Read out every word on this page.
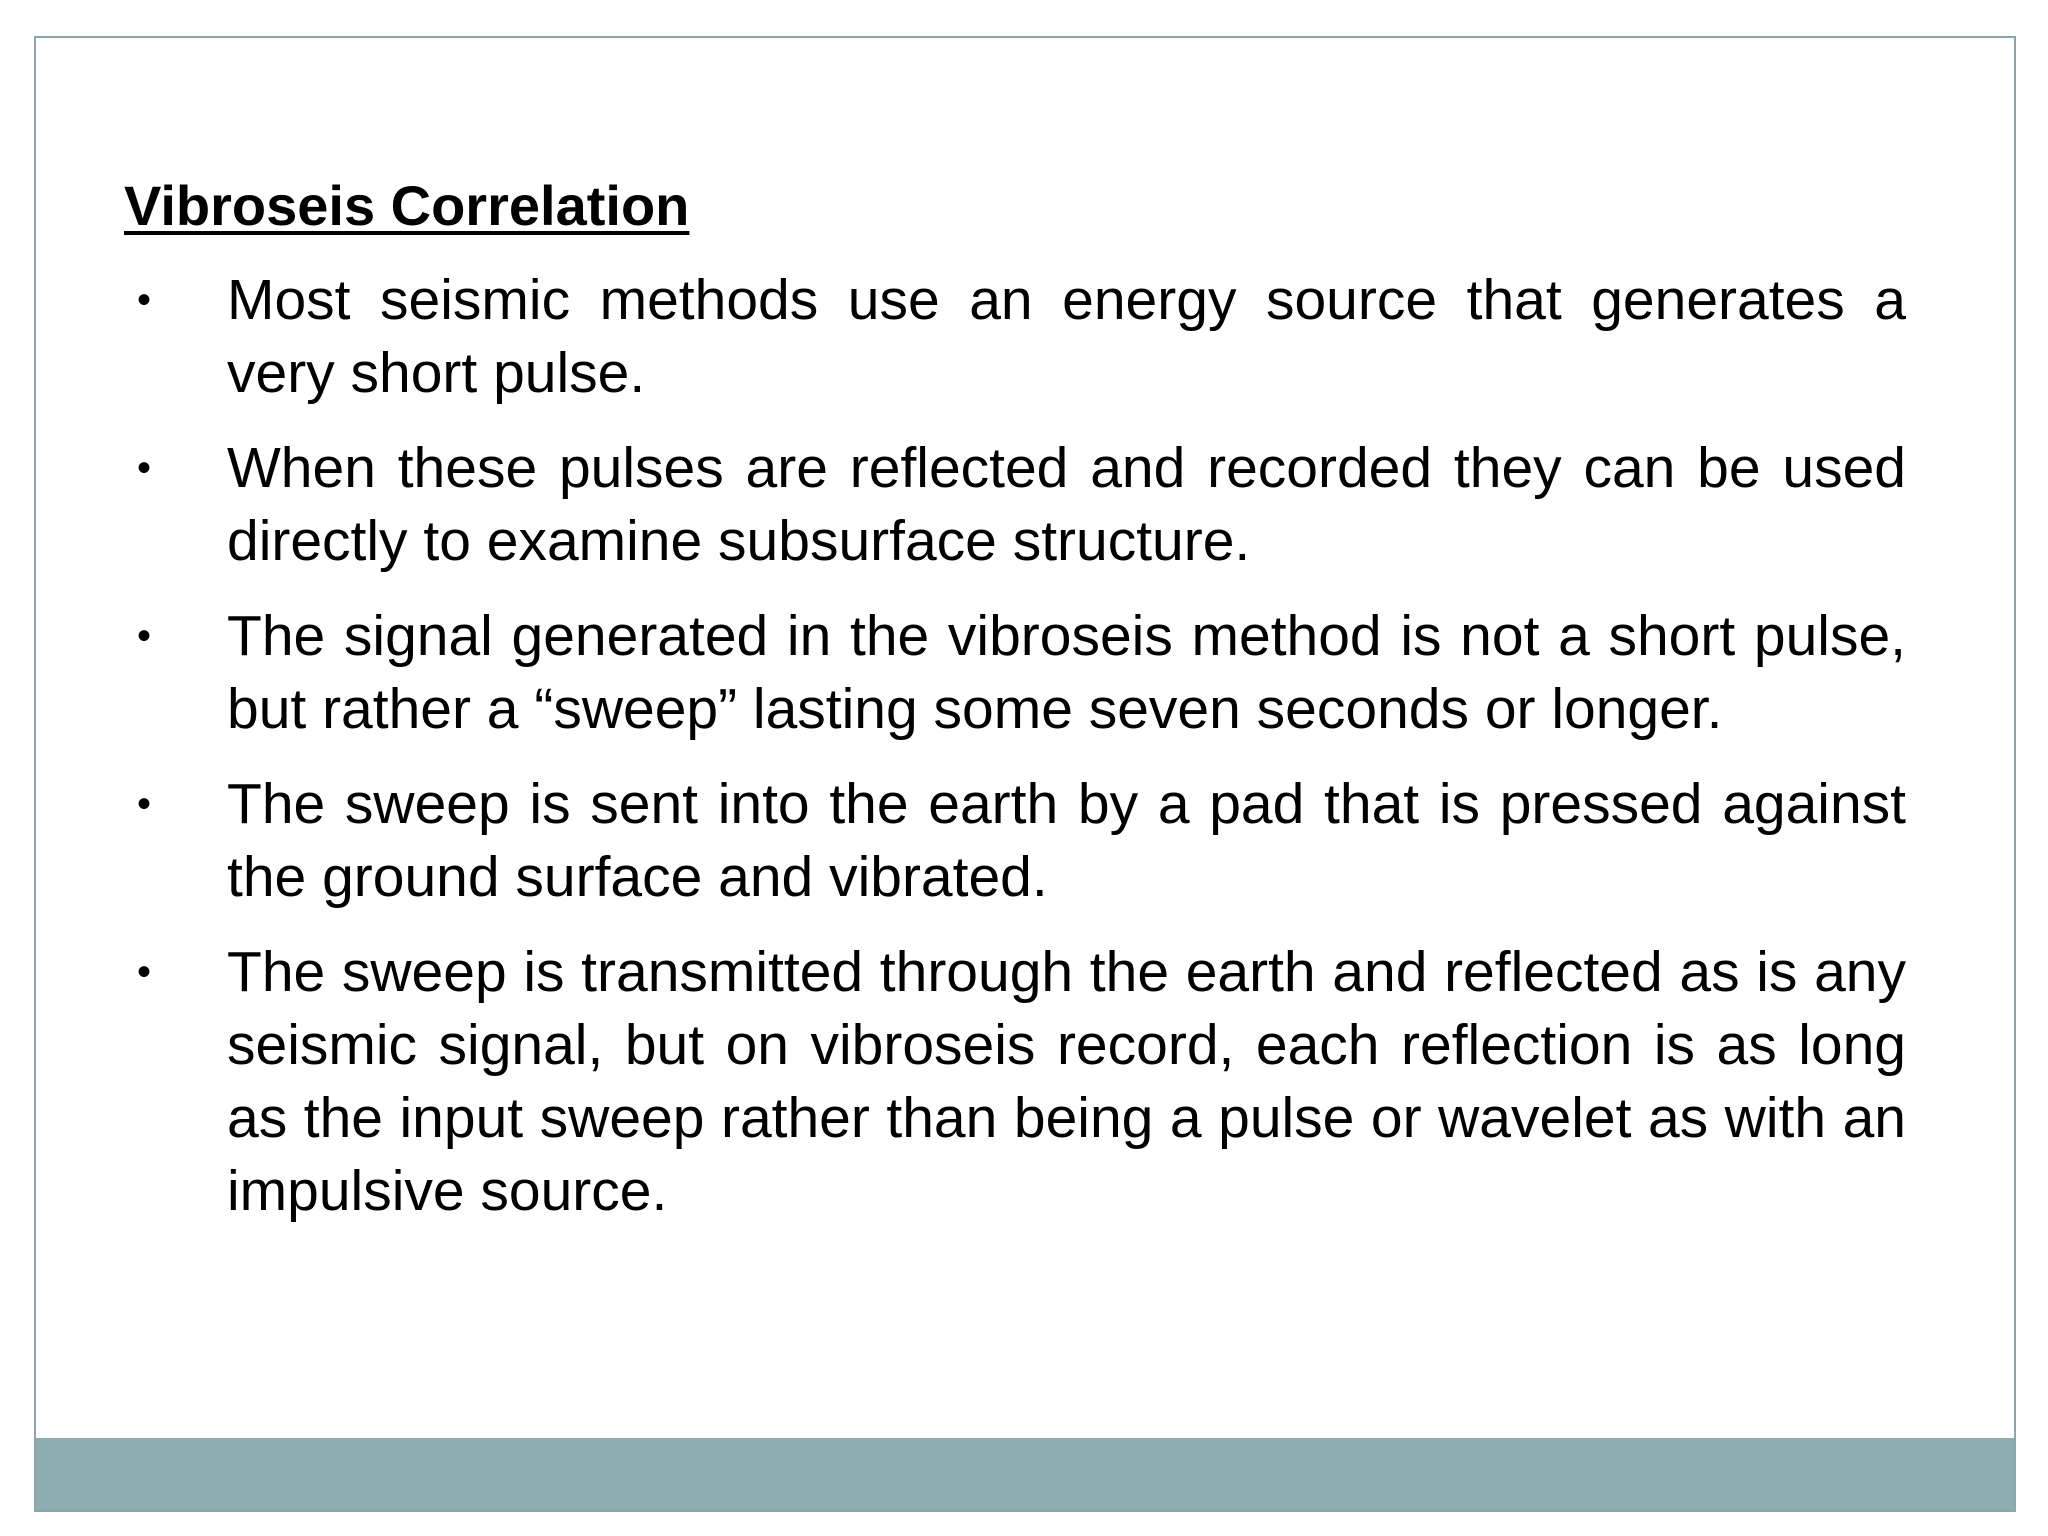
Vibroseis Correlation
• Most seismic methods use an energy source that generates a very short pulse.
• When these pulses are reflected and recorded they can be used directly to examine subsurface structure.
• The signal generated in the vibroseis method is not a short pulse, but rather a “sweep” lasting some seven seconds or longer.
• The sweep is sent into the earth by a pad that is pressed against the ground surface and vibrated.
• The sweep is transmitted through the earth and reflected as is any seismic signal, but on vibroseis record, each reflection is as long as the input sweep rather than being a pulse or wavelet as with an impulsive source.
